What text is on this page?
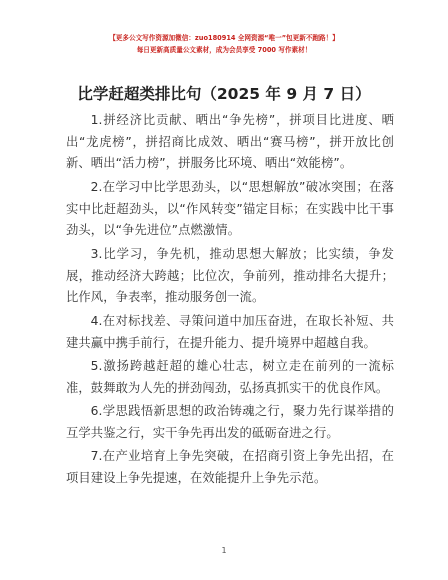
【更多公文写作资源加微信：zuo180914 全网资源“唯一”包更新不跑路！】
每日更新高质量公文素材，成为会员享受 7000 写作素材！
比学赶超类排比句（2025 年 9 月 7 日）
1.拼经济比贡献、晒出“争先榜”，拼项目比进度、晒出“龙虎榜”，拼招商比成效、晒出“赛马榜”，拼开放比创新、晒出“活力榜”，拼服务比环境、晒出“效能榜”。
2.在学习中比学思劲头，以“思想解放”破冰突围；在落实中比赶超劲头，以“作风转变”锚定目标；在实践中比干事劲头，以“争先进位”点燃激情。
3.比学习，争先机，推动思想大解放；比实绩，争发展，推动经济大跨越；比位次，争前列，推动排名大提升；比作风，争表率，推动服务创一流。
4.在对标找差、寻策问道中加压奋进，在取长补短、共建共赢中携手前行，在提升能力、提升境界中超越自我。
5.激扬跨越赶超的雄心壮志，树立走在前列的一流标准，鼓舞敢为人先的拼劲闯劲，弘扬真抓实干的优良作风。
6.学思践悟新思想的政治铸魂之行，聚力先行谋举措的互学共鉴之行，实干争先再出发的砥砺奋进之行。
7.在产业培育上争先突破，在招商引资上争先出招，在项目建设上争先提速，在效能提升上争先示范。
1
